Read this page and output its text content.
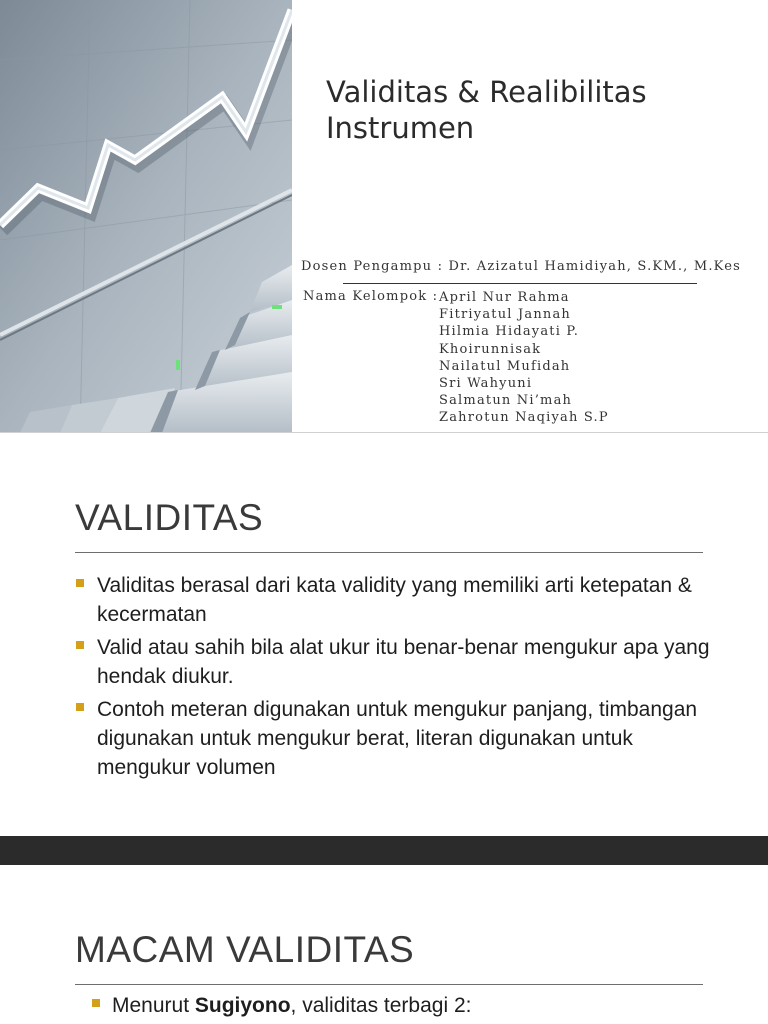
Validitas & Realibilitas
Instrumen
Dosen Pengampu : Dr. Azizatul Hamidiyah, S.KM., M.Kes
Nama Kelompok : April Nur Rahma
Fitriyatul Jannah
Hilmia Hidayati P.
Khoirunnisak
Nailatul Mufidah
Sri Wahyuni
Salmatun Ni’mah
Zahrotun Naqiyah S.P
VALIDITAS
Validitas berasal dari kata validity yang memiliki arti ketepatan & kecermatan
Valid atau sahih bila alat ukur itu benar-benar mengukur apa yang hendak diukur.
Contoh meteran digunakan untuk mengukur panjang, timbangan digunakan untuk mengukur berat, literan digunakan untuk mengukur volumen
MACAM VALIDITAS
Menurut Sugiyono, validitas terbagi 2:
